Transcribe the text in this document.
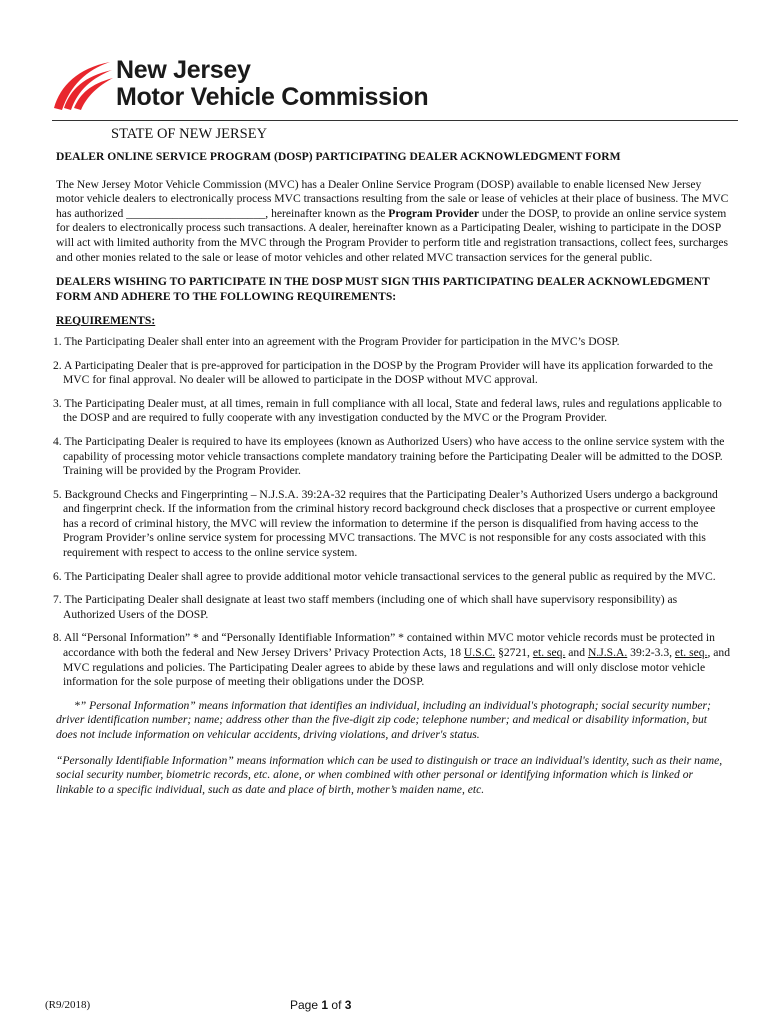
New Jersey
Motor Vehicle Commission
STATE OF NEW JERSEY
DEALER ONLINE SERVICE PROGRAM (DOSP) PARTICIPATING DEALER ACKNOWLEDGMENT FORM

The New Jersey Motor Vehicle Commission (MVC) has a Dealer Online Service Program (DOSP) available to enable licensed New Jersey motor vehicle dealers to electronically process MVC transactions resulting from the sale or lease of vehicles at their place of business. The MVC has authorized ________________________, hereinafter known as the Program Provider under the DOSP, to provide an online service system for dealers to electronically process such transactions. A dealer, hereinafter known as a Participating Dealer, wishing to participate in the DOSP will act with limited authority from the MVC through the Program Provider to perform title and registration transactions, collect fees, surcharges and other monies related to the sale or lease of motor vehicles and other related MVC transaction services for the general public.

DEALERS WISHING TO PARTICIPATE IN THE DOSP MUST SIGN THIS PARTICIPATING DEALER ACKNOWLEDGMENT FORM AND ADHERE TO THE FOLLOWING REQUIREMENTS:

REQUIREMENTS:

1. The Participating Dealer shall enter into an agreement with the Program Provider for participation in the MVC’s DOSP.

2. A Participating Dealer that is pre-approved for participation in the DOSP by the Program Provider will have its application forwarded to the MVC for final approval. No dealer will be allowed to participate in the DOSP without MVC approval.

3. The Participating Dealer must, at all times, remain in full compliance with all local, State and federal laws, rules and regulations applicable to the DOSP and are required to fully cooperate with any investigation conducted by the MVC or the Program Provider.

4. The Participating Dealer is required to have its employees (known as Authorized Users) who have access to the online service system with the capability of processing motor vehicle transactions complete mandatory training before the Participating Dealer will be admitted to the DOSP. Training will be provided by the Program Provider.

5. Background Checks and Fingerprinting – N.J.S.A. 39:2A-32 requires that the Participating Dealer’s Authorized Users undergo a background and fingerprint check. If the information from the criminal history record background check discloses that a prospective or current employee has a record of criminal history, the MVC will review the information to determine if the person is disqualified from having access to the Program Provider’s online service system for processing MVC transactions. The MVC is not responsible for any costs associated with this requirement with respect to access to the online service system.

6. The Participating Dealer shall agree to provide additional motor vehicle transactional services to the general public as required by the MVC.

7. The Participating Dealer shall designate at least two staff members (including one of which shall have supervisory responsibility) as Authorized Users of the DOSP.

8. All “Personal Information” * and “Personally Identifiable Information” * contained within MVC motor vehicle records must be protected in accordance with both the federal and New Jersey Drivers’ Privacy Protection Acts, 18 U.S.C. §2721, et. seq. and N.J.S.A. 39:2-3.3, et. seq., and MVC regulations and policies. The Participating Dealer agrees to abide by these laws and regulations and will only disclose motor vehicle information for the sole purpose of meeting their obligations under the DOSP.

*” Personal Information” means information that identifies an individual, including an individual's photograph; social security number; driver identification number; name; address other than the five-digit zip code; telephone number; and medical or disability information, but does not include information on vehicular accidents, driving violations, and driver's status.

“Personally Identifiable Information” means information which can be used to distinguish or trace an individual's identity, such as their name, social security number, biometric records, etc. alone, or when combined with other personal or identifying information which is linked or linkable to a specific individual, such as date and place of birth, mother’s maiden name, etc.

(R9/2018)	Page 1 of 3
